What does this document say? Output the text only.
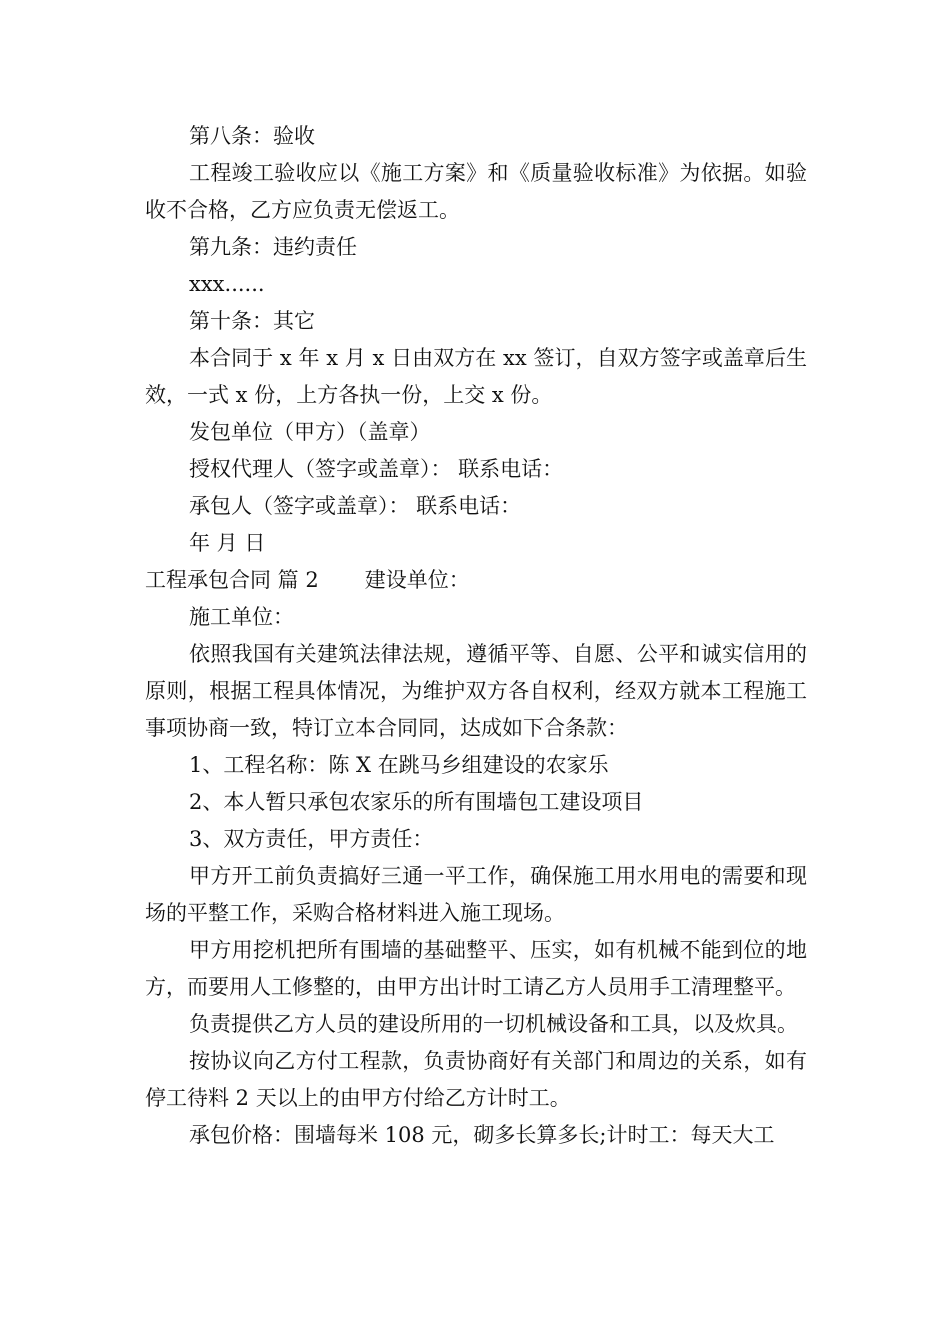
第八条：验收

工程竣工验收应以《施工方案》和《质量验收标准》为依据。如验收不合格，乙方应负责无偿返工。

第九条：违约责任

xxx......

第十条：其它

本合同于 x 年 x 月 x 日由双方在 xx 签订，自双方签字或盖章后生效，一式 x 份，上方各执一份，上交 x 份。

发包单位（甲方）（盖章）

授权代理人（签字或盖章）： 联系电话：

承包人（签字或盖章）： 联系电话：

年 月 日

工程承包合同 篇 2 建设单位：

施工单位：

依照我国有关建筑法律法规，遵循平等、自愿、公平和诚实信用的原则，根据工程具体情况，为维护双方各自权利，经双方就本工程施工事项协商一致，特订立本合同同，达成如下合条款：

1、工程名称：陈 X 在跳马乡组建设的农家乐

2、本人暂只承包农家乐的所有围墙包工建设项目

3、双方责任，甲方责任：

甲方开工前负责搞好三通一平工作，确保施工用水用电的需要和现场的平整工作，采购合格材料进入施工现场。

甲方用挖机把所有围墙的基础整平、压实，如有机械不能到位的地方，而要用人工修整的，由甲方出计时工请乙方人员用手工清理整平。

负责提供乙方人员的建设所用的一切机械设备和工具，以及炊具。

按协议向乙方付工程款，负责协商好有关部门和周边的关系，如有停工待料 2 天以上的由甲方付给乙方计时工。

承包价格：围墙每米 108 元，砌多长算多长;计时工：每天大工
